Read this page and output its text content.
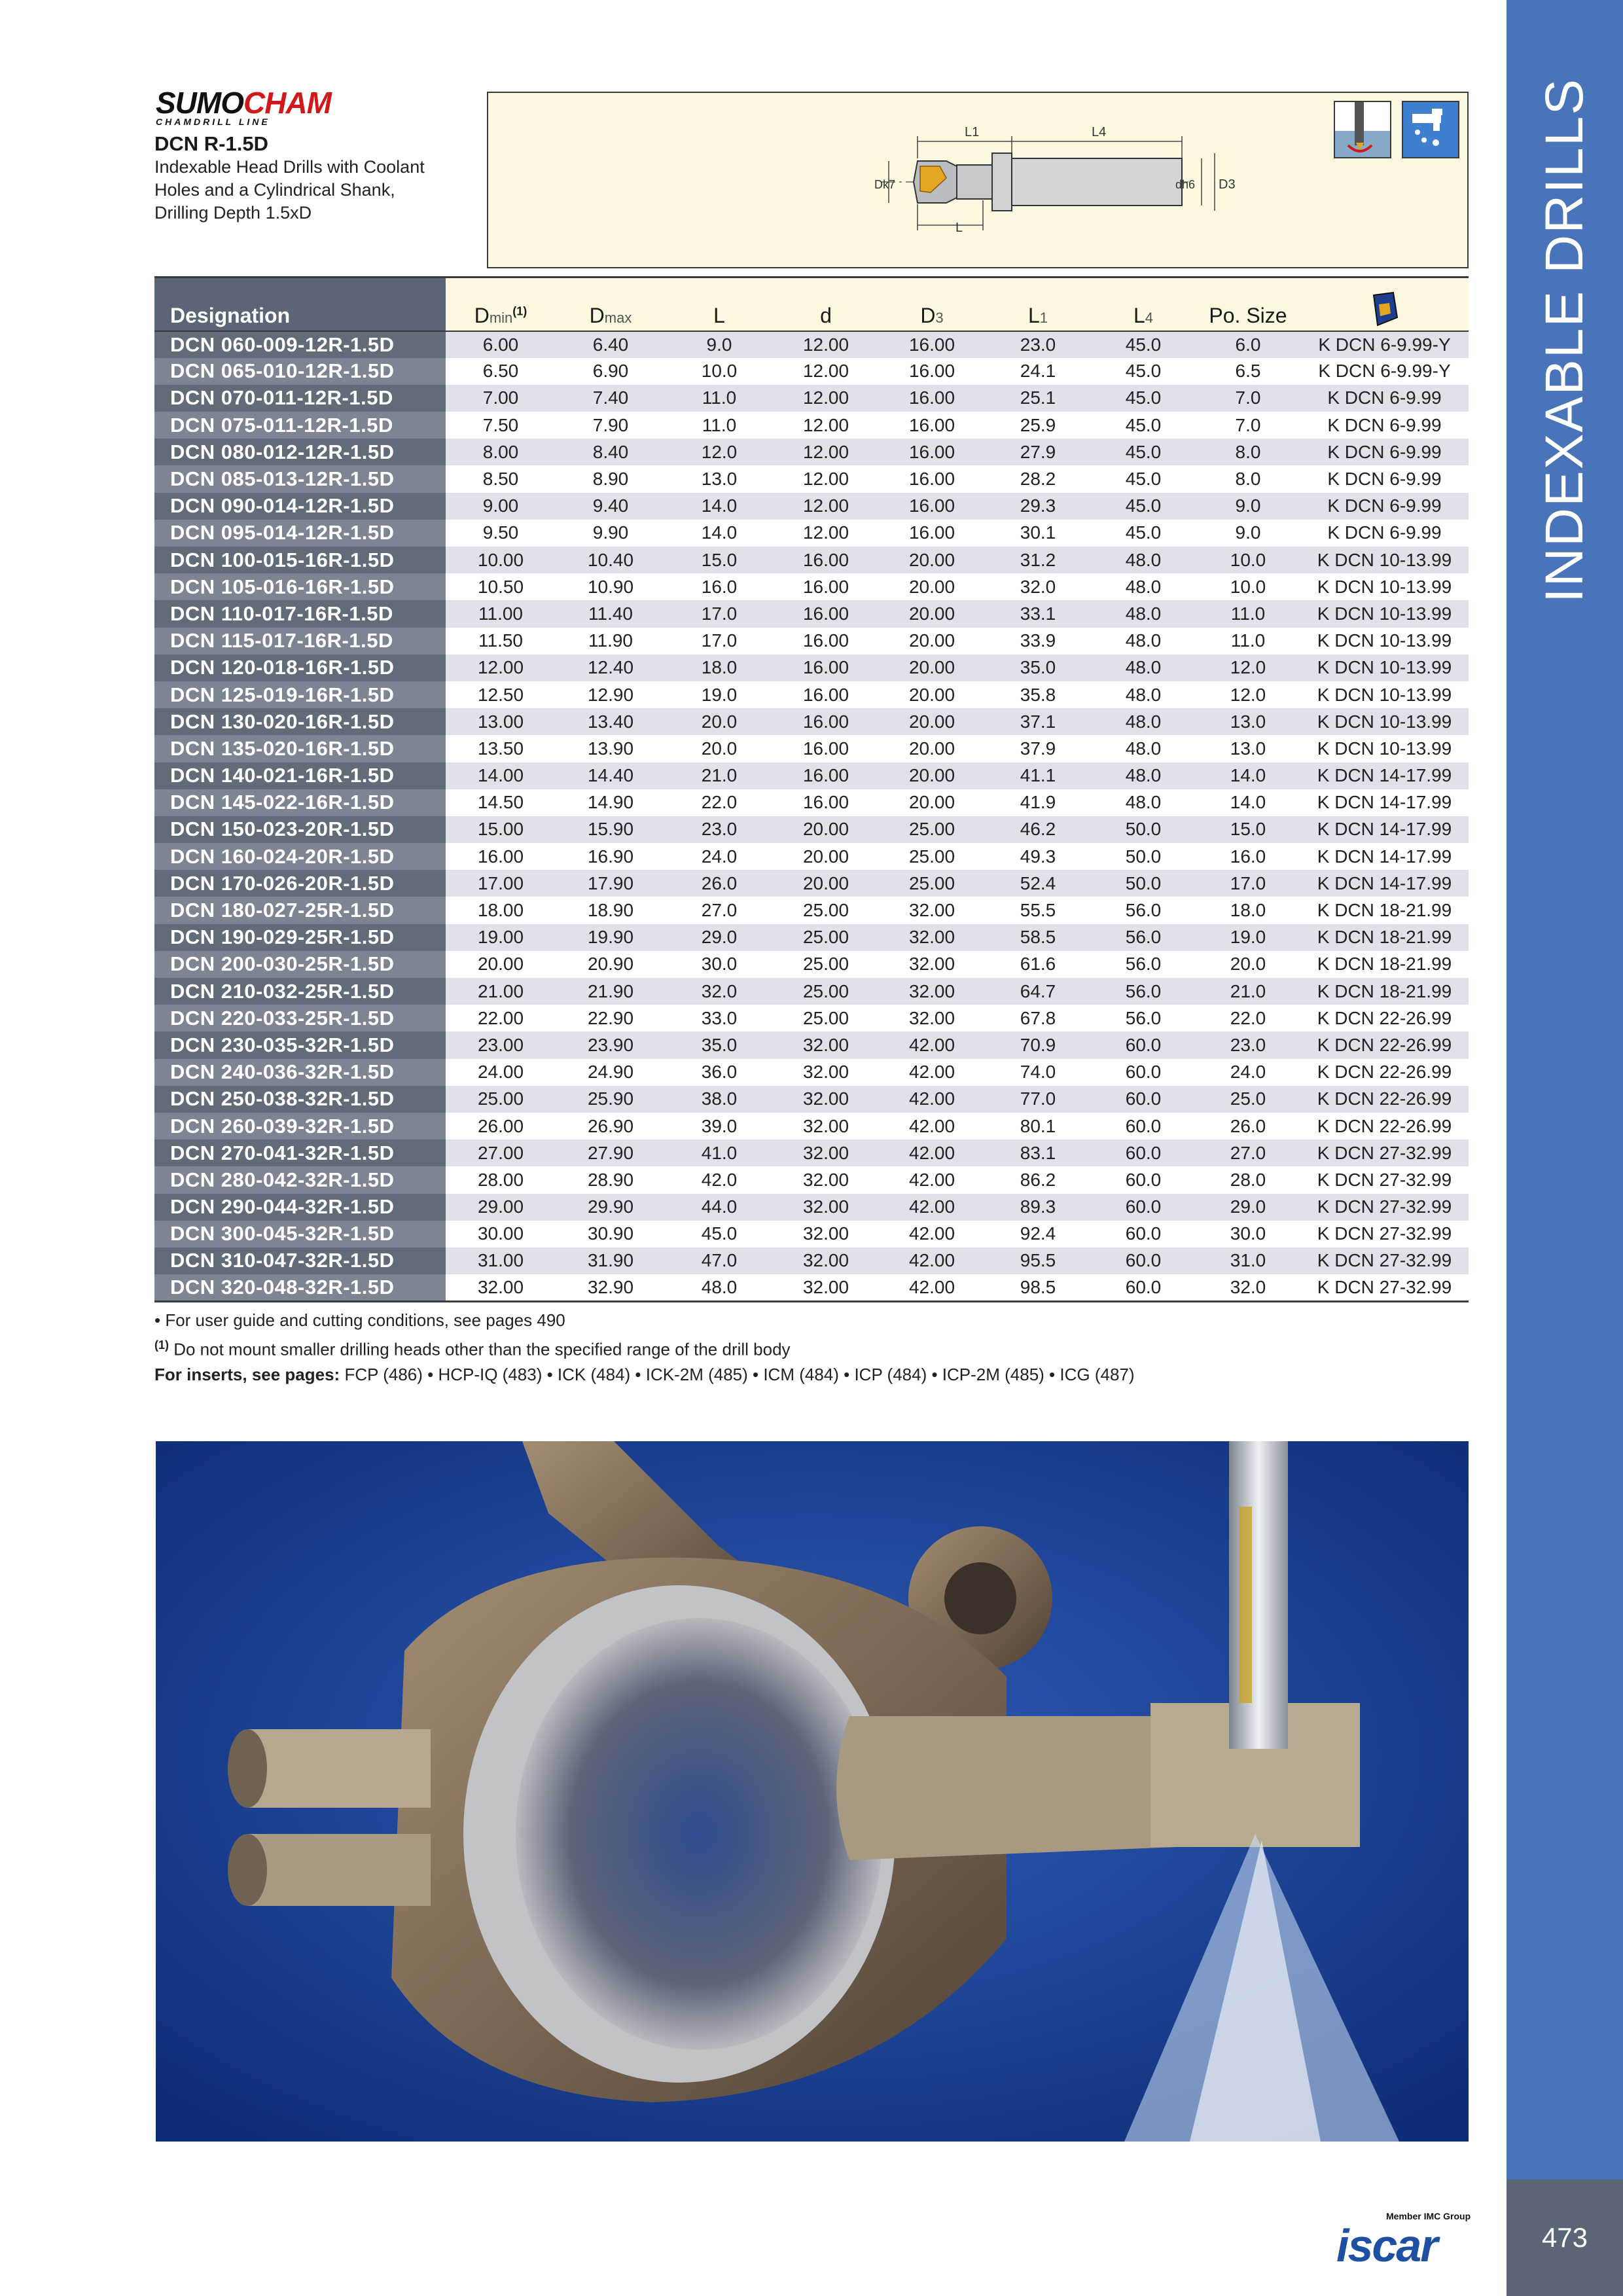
INDEXABLE DRILLS
473
SUMOCHAM
CHAMDRILL LINE
DCN R-1.5D
Indexable Head Drills with Coolant Holes and a Cylindrical Shank, Drilling Depth 1.5xD
L1	L4
Dk7	dh6 D3
L
Designation	Dmin$^{(1)}$	Dmax	L	d	D3	L1	L4	Po. Size	
DCN 060-009-12R-1.5D	6.00	6.40	9.0	12.00	16.00	23.0	45.0	6.0	K DCN 6-9.99-Y
DCN 065-010-12R-1.5D	6.50	6.90	10.0	12.00	16.00	24.1	45.0	6.5	K DCN 6-9.99-Y
DCN 070-011-12R-1.5D	7.00	7.40	11.0	12.00	16.00	25.1	45.0	7.0	K DCN 6-9.99
DCN 075-011-12R-1.5D	7.50	7.90	11.0	12.00	16.00	25.9	45.0	7.0	K DCN 6-9.99
DCN 080-012-12R-1.5D	8.00	8.40	12.0	12.00	16.00	27.9	45.0	8.0	K DCN 6-9.99
DCN 085-013-12R-1.5D	8.50	8.90	13.0	12.00	16.00	28.2	45.0	8.0	K DCN 6-9.99
DCN 090-014-12R-1.5D	9.00	9.40	14.0	12.00	16.00	29.3	45.0	9.0	K DCN 6-9.99
DCN 095-014-12R-1.5D	9.50	9.90	14.0	12.00	16.00	30.1	45.0	9.0	K DCN 6-9.99
DCN 100-015-16R-1.5D	10.00	10.40	15.0	16.00	20.00	31.2	48.0	10.0	K DCN 10-13.99
DCN 105-016-16R-1.5D	10.50	10.90	16.0	16.00	20.00	32.0	48.0	10.0	K DCN 10-13.99
DCN 110-017-16R-1.5D	11.00	11.40	17.0	16.00	20.00	33.1	48.0	11.0	K DCN 10-13.99
DCN 115-017-16R-1.5D	11.50	11.90	17.0	16.00	20.00	33.9	48.0	11.0	K DCN 10-13.99
DCN 120-018-16R-1.5D	12.00	12.40	18.0	16.00	20.00	35.0	48.0	12.0	K DCN 10-13.99
DCN 125-019-16R-1.5D	12.50	12.90	19.0	16.00	20.00	35.8	48.0	12.0	K DCN 10-13.99
DCN 130-020-16R-1.5D	13.00	13.40	20.0	16.00	20.00	37.1	48.0	13.0	K DCN 10-13.99
DCN 135-020-16R-1.5D	13.50	13.90	20.0	16.00	20.00	37.9	48.0	13.0	K DCN 10-13.99
DCN 140-021-16R-1.5D	14.00	14.40	21.0	16.00	20.00	41.1	48.0	14.0	K DCN 14-17.99
DCN 145-022-16R-1.5D	14.50	14.90	22.0	16.00	20.00	41.9	48.0	14.0	K DCN 14-17.99
DCN 150-023-20R-1.5D	15.00	15.90	23.0	20.00	25.00	46.2	50.0	15.0	K DCN 14-17.99
DCN 160-024-20R-1.5D	16.00	16.90	24.0	20.00	25.00	49.3	50.0	16.0	K DCN 14-17.99
DCN 170-026-20R-1.5D	17.00	17.90	26.0	20.00	25.00	52.4	50.0	17.0	K DCN 14-17.99
DCN 180-027-25R-1.5D	18.00	18.90	27.0	25.00	32.00	55.5	56.0	18.0	K DCN 18-21.99
DCN 190-029-25R-1.5D	19.00	19.90	29.0	25.00	32.00	58.5	56.0	19.0	K DCN 18-21.99
DCN 200-030-25R-1.5D	20.00	20.90	30.0	25.00	32.00	61.6	56.0	20.0	K DCN 18-21.99
DCN 210-032-25R-1.5D	21.00	21.90	32.0	25.00	32.00	64.7	56.0	21.0	K DCN 18-21.99
DCN 220-033-25R-1.5D	22.00	22.90	33.0	25.00	32.00	67.8	56.0	22.0	K DCN 22-26.99
DCN 230-035-32R-1.5D	23.00	23.90	35.0	32.00	42.00	70.9	60.0	23.0	K DCN 22-26.99
DCN 240-036-32R-1.5D	24.00	24.90	36.0	32.00	42.00	74.0	60.0	24.0	K DCN 22-26.99
DCN 250-038-32R-1.5D	25.00	25.90	38.0	32.00	42.00	77.0	60.0	25.0	K DCN 22-26.99
DCN 260-039-32R-1.5D	26.00	26.90	39.0	32.00	42.00	80.1	60.0	26.0	K DCN 22-26.99
DCN 270-041-32R-1.5D	27.00	27.90	41.0	32.00	42.00	83.1	60.0	27.0	K DCN 27-32.99
DCN 280-042-32R-1.5D	28.00	28.90	42.0	32.00	42.00	86.2	60.0	28.0	K DCN 27-32.99
DCN 290-044-32R-1.5D	29.00	29.90	44.0	32.00	42.00	89.3	60.0	29.0	K DCN 27-32.99
DCN 300-045-32R-1.5D	30.00	30.90	45.0	32.00	42.00	92.4	60.0	30.0	K DCN 27-32.99
DCN 310-047-32R-1.5D	31.00	31.90	47.0	32.00	42.00	95.5	60.0	31.0	K DCN 27-32.99
DCN 320-048-32R-1.5D	32.00	32.90	48.0	32.00	42.00	98.5	60.0	32.0	K DCN 27-32.99
• For user guide and cutting conditions, see pages 490
$^{(1)}$ Do not mount smaller drilling heads other than the specified range of the drill body
For inserts, see pages: FCP (486) • HCP-IQ (483) • ICK (484) • ICK-2M (485) • ICM (484) • ICP (484) • ICP-2M (485) • ICG (487)
Member IMC Group
iscar
